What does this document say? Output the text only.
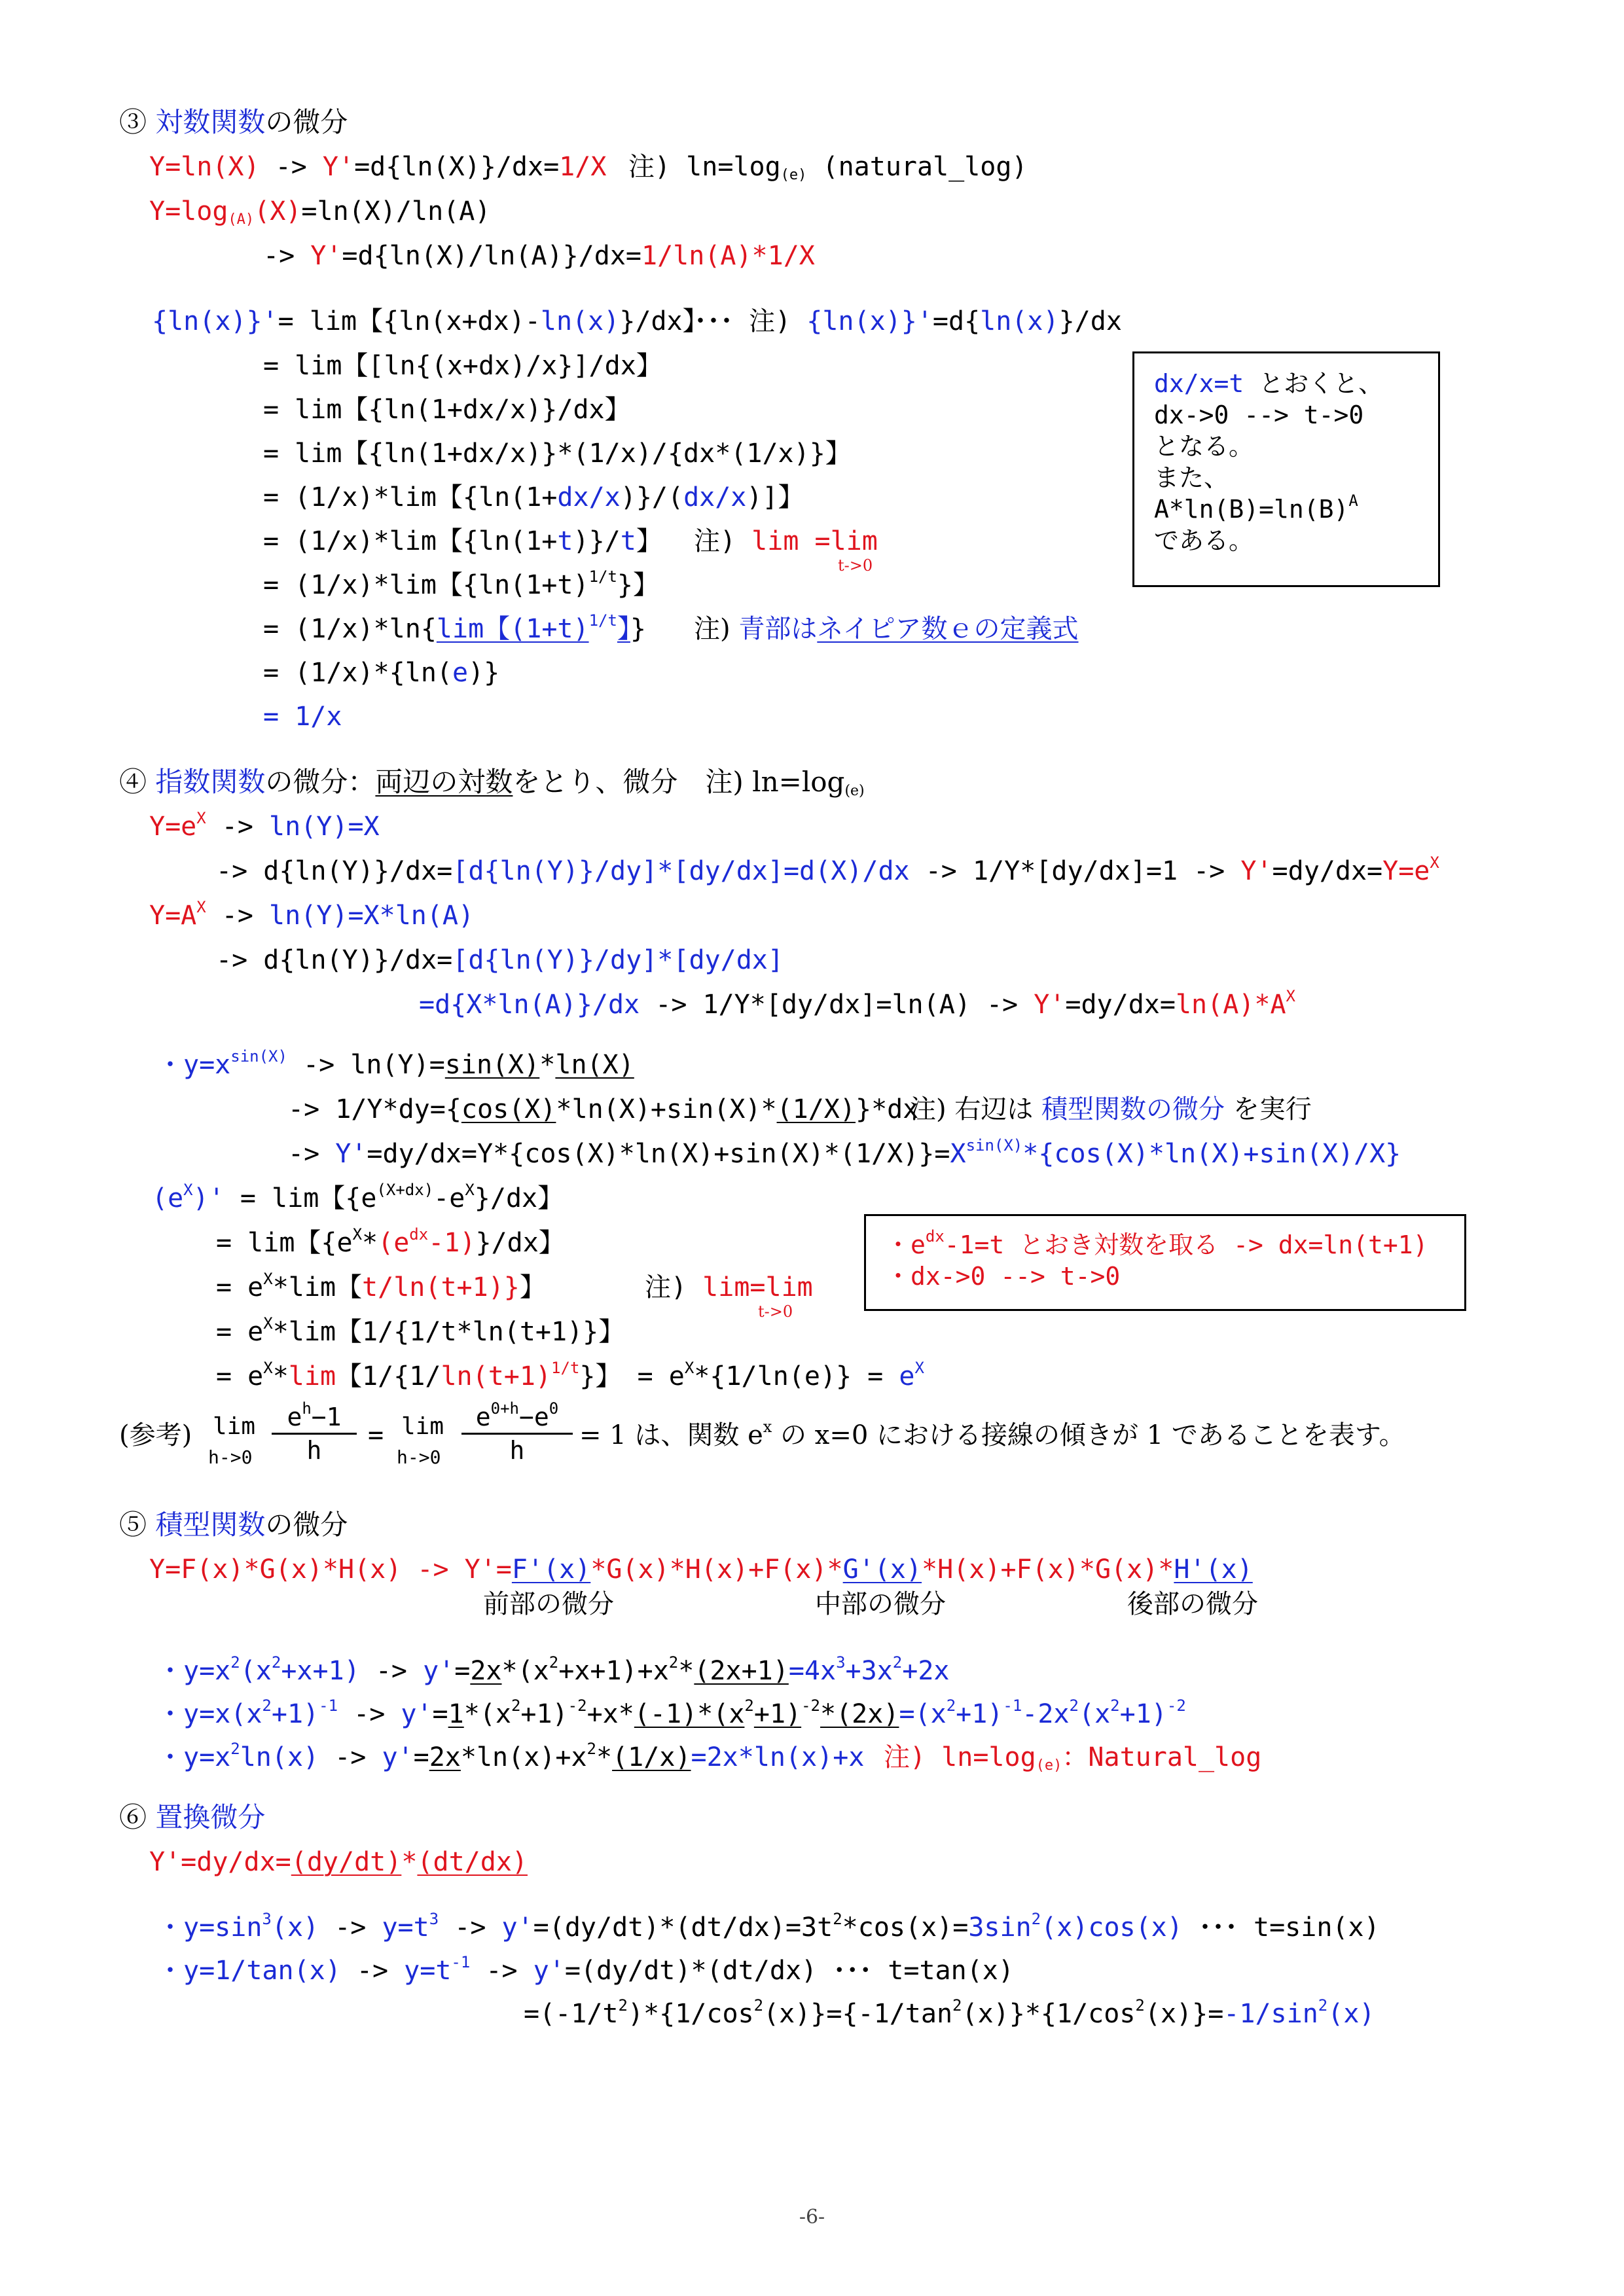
③ 対数関数の微分
Y=ln(X) -> Y'=d{ln(X)}/dx=1/X 注) $\ln=\log_{(e)}$ (natural_log)
$Y=\log_{(A)}(X)=\ln(X)/\ln(A)$
-> Y'=d{ln(X)/ln(A)}/dx=1/ln(A)*1/X
{ln(x)}'= lim【{ln(x+dx)-ln(x)}/dx】
･･･ 注) {ln(x)}'=d{ln(x)}/dx
= lim【[ln{(x+dx)/x}]/dx】
= lim【{ln(1+dx/x)}/dx】
= lim【{ln(1+dx/x)}*(1/x)/{dx*(1/x)}】
= (1/x)*lim【{ln(1+dx/x)}/(dx/x)]】
= (1/x)*lim【{ln(1+t)}/t】 注) lim =lim
t->0
= (1/x)*lim【$\{\ln(1+t)^{1/t}\}$】
= (1/x)*ln{lim【$(1+t)^{1/t}$】} 注) 青部はネイピア数ｅの定義式
= (1/x)*{ln(e)}
= 1/x
dx/x=t とおくと、
dx->0 --> t->0
となる。
また、
$A*\ln(B)=\ln(B)^A$
である。
④ 指数関数の微分：両辺の対数をとり、微分　注) $\ln=\log_{(e)}$
$Y=e^X -> \ln(Y)=X$
-> $d\{\ln(Y)\}/dx=[d\{\ln(Y)\}/dy]*[dy/dx]=d(X)/dx -> 1/Y*[dy/dx]=1 -> Y'=dy/dx=Y=e^X$
$Y=A^X -> \ln(Y)=X*\ln(A)$
-> d{ln(Y)}/dx=[d{ln(Y)}/dy]*[dy/dx]
$=d\{X*\ln(A)\}/dx -> 1/Y*[dy/dx]=\ln(A) -> Y'=dy/dx=\ln(A)*A^X$
・$y=x^{sin(X)} -> \ln(Y)=\sin(X)*\ln(X)$
-> 1/Y*dy={cos(X)*ln(X)+sin(X)*(1/X)}*dx
注) 右辺は 積型関数の微分 を実行
-> $Y'=dy/dx=Y*\{\cos(X)*\ln(X)+\sin(X)*(1/X)\}=X^{sin(X)}*\{\cos(X)*\ln(X)+\sin(X)/X\}$
$(e^X)' = \lim$【$\{e^{(X+dx)}-e^X\}/dx$】
= lim【$\{e^X*(e^{dx}-1)\}/dx$】
= $e^X*\lim$【t/ln(t+1)}】	注) lim=lim
t->0
= $e^X*\lim$【1/{1/t*ln(t+1)}】
= $e^X*\lim$【$1/\{1/\ln(t+1)^{1/t}\}$】 = $e^X*\{1/\ln(e)\} = e^X$
・$e^{dx}-1=t$ とおき対数を取る -> dx=ln(t+1)
・dx->0 --> t->0
(参考) lim
h->0
$e^h-1$
h	= lim
h->0
$e^{0+h}-e^0$
h	= 1 は、関数 $e^x$ の x=0 における接線の傾きが 1 であることを表す。
⑤ 積型関数の微分
Y=F(x)*G(x)*H(x) -> Y'=F'(x)*G(x)*H(x)+F(x)*G'(x)*H(x)+F(x)*G(x)*H'(x)
前部の微分	中部の微分	後部の微分
・$y=x^2(x^2+x+1) -> y'=2x*(x^2+x+1)+x^2*(2x+1)=4x^3+3x^2+2x$
・$y=x(x^2+1)^{-1} -> y'=1*(x^2+1)^{-2}+x*(-1)*(x^2+1)^{-2}*(2x)=(x^2+1)^{-1}-2x^2(x^2+1)^{-2}$
・$y=x^2\ln(x) -> y'=2x*\ln(x)+x^2*(1/x)=2x*\ln(x)+x$ 注) $\ln=\log_{(e)}$：Natural_log
⑥ 置換微分
Y'=dy/dx=(dy/dt)*(dt/dx)
・$y=\sin^3(x) -> y=t^3 -> y'=(dy/dt)*(dt/dx)=3t^2*\cos(x)=3\sin^2(x)\cos(x)$ ･･･ t=sin(x)
・$y=1/\tan(x) -> y=t^{-1} -> y'=(dy/dt)*(dt/dx)$ ･･･ t=tan(x)
$=(-1/t^2)*\{1/\cos^2(x)\}=\{-1/\tan^2(x)\}*\{1/\cos^2(x)\}=-1/\sin^2(x)$
-6-
